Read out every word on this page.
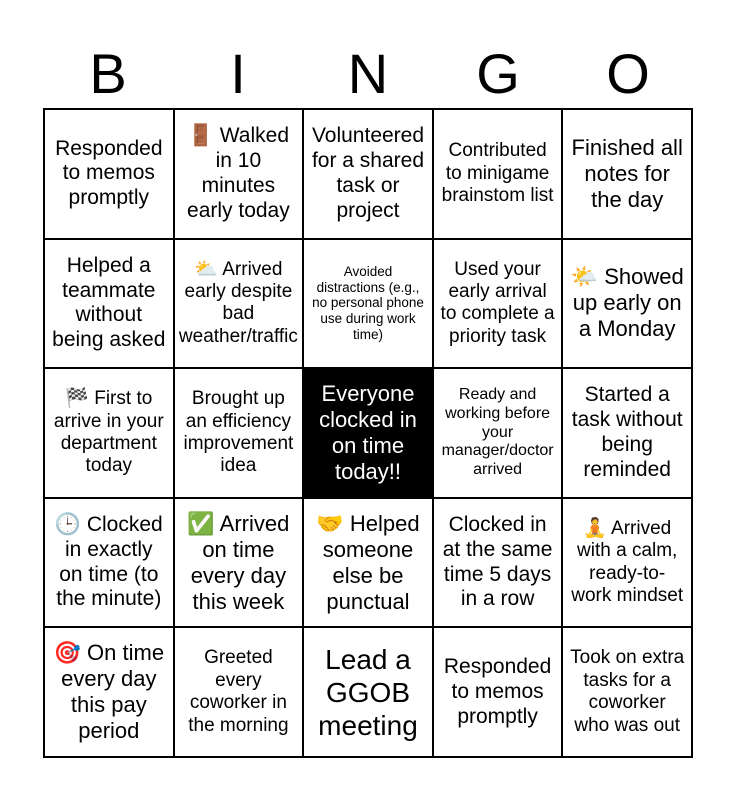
B	I	N	G	O
Responded to memos promptly
🚪 Walked in 10 minutes early today
Volunteered for a shared task or project
Contributed to minigame brainstom list
Finished all notes for the day
Helped a teammate without being asked
⛅ Arrived early despite bad weather/traffic
Avoided distractions (e.g., no personal phone use during work time)
Used your early arrival to complete a priority task
🌤️ Showed up early on a Monday
🏁 First to arrive in your department today
Brought up an efficiency improvement idea
Everyone clocked in on time today!!
Ready and working before your manager/doctor arrived
Started a task without being reminded
🕒 Clocked in exactly on time (to the minute)
✅ Arrived on time every day this week
🤝 Helped someone else be punctual
Clocked in at the same time 5 days in a row
🧘 Arrived with a calm, ready-to-work mindset
🎯 On time every day this pay period
Greeted every coworker in the morning
Lead a GGOB meeting
Responded to memos promptly
Took on extra tasks for a coworker who was out
